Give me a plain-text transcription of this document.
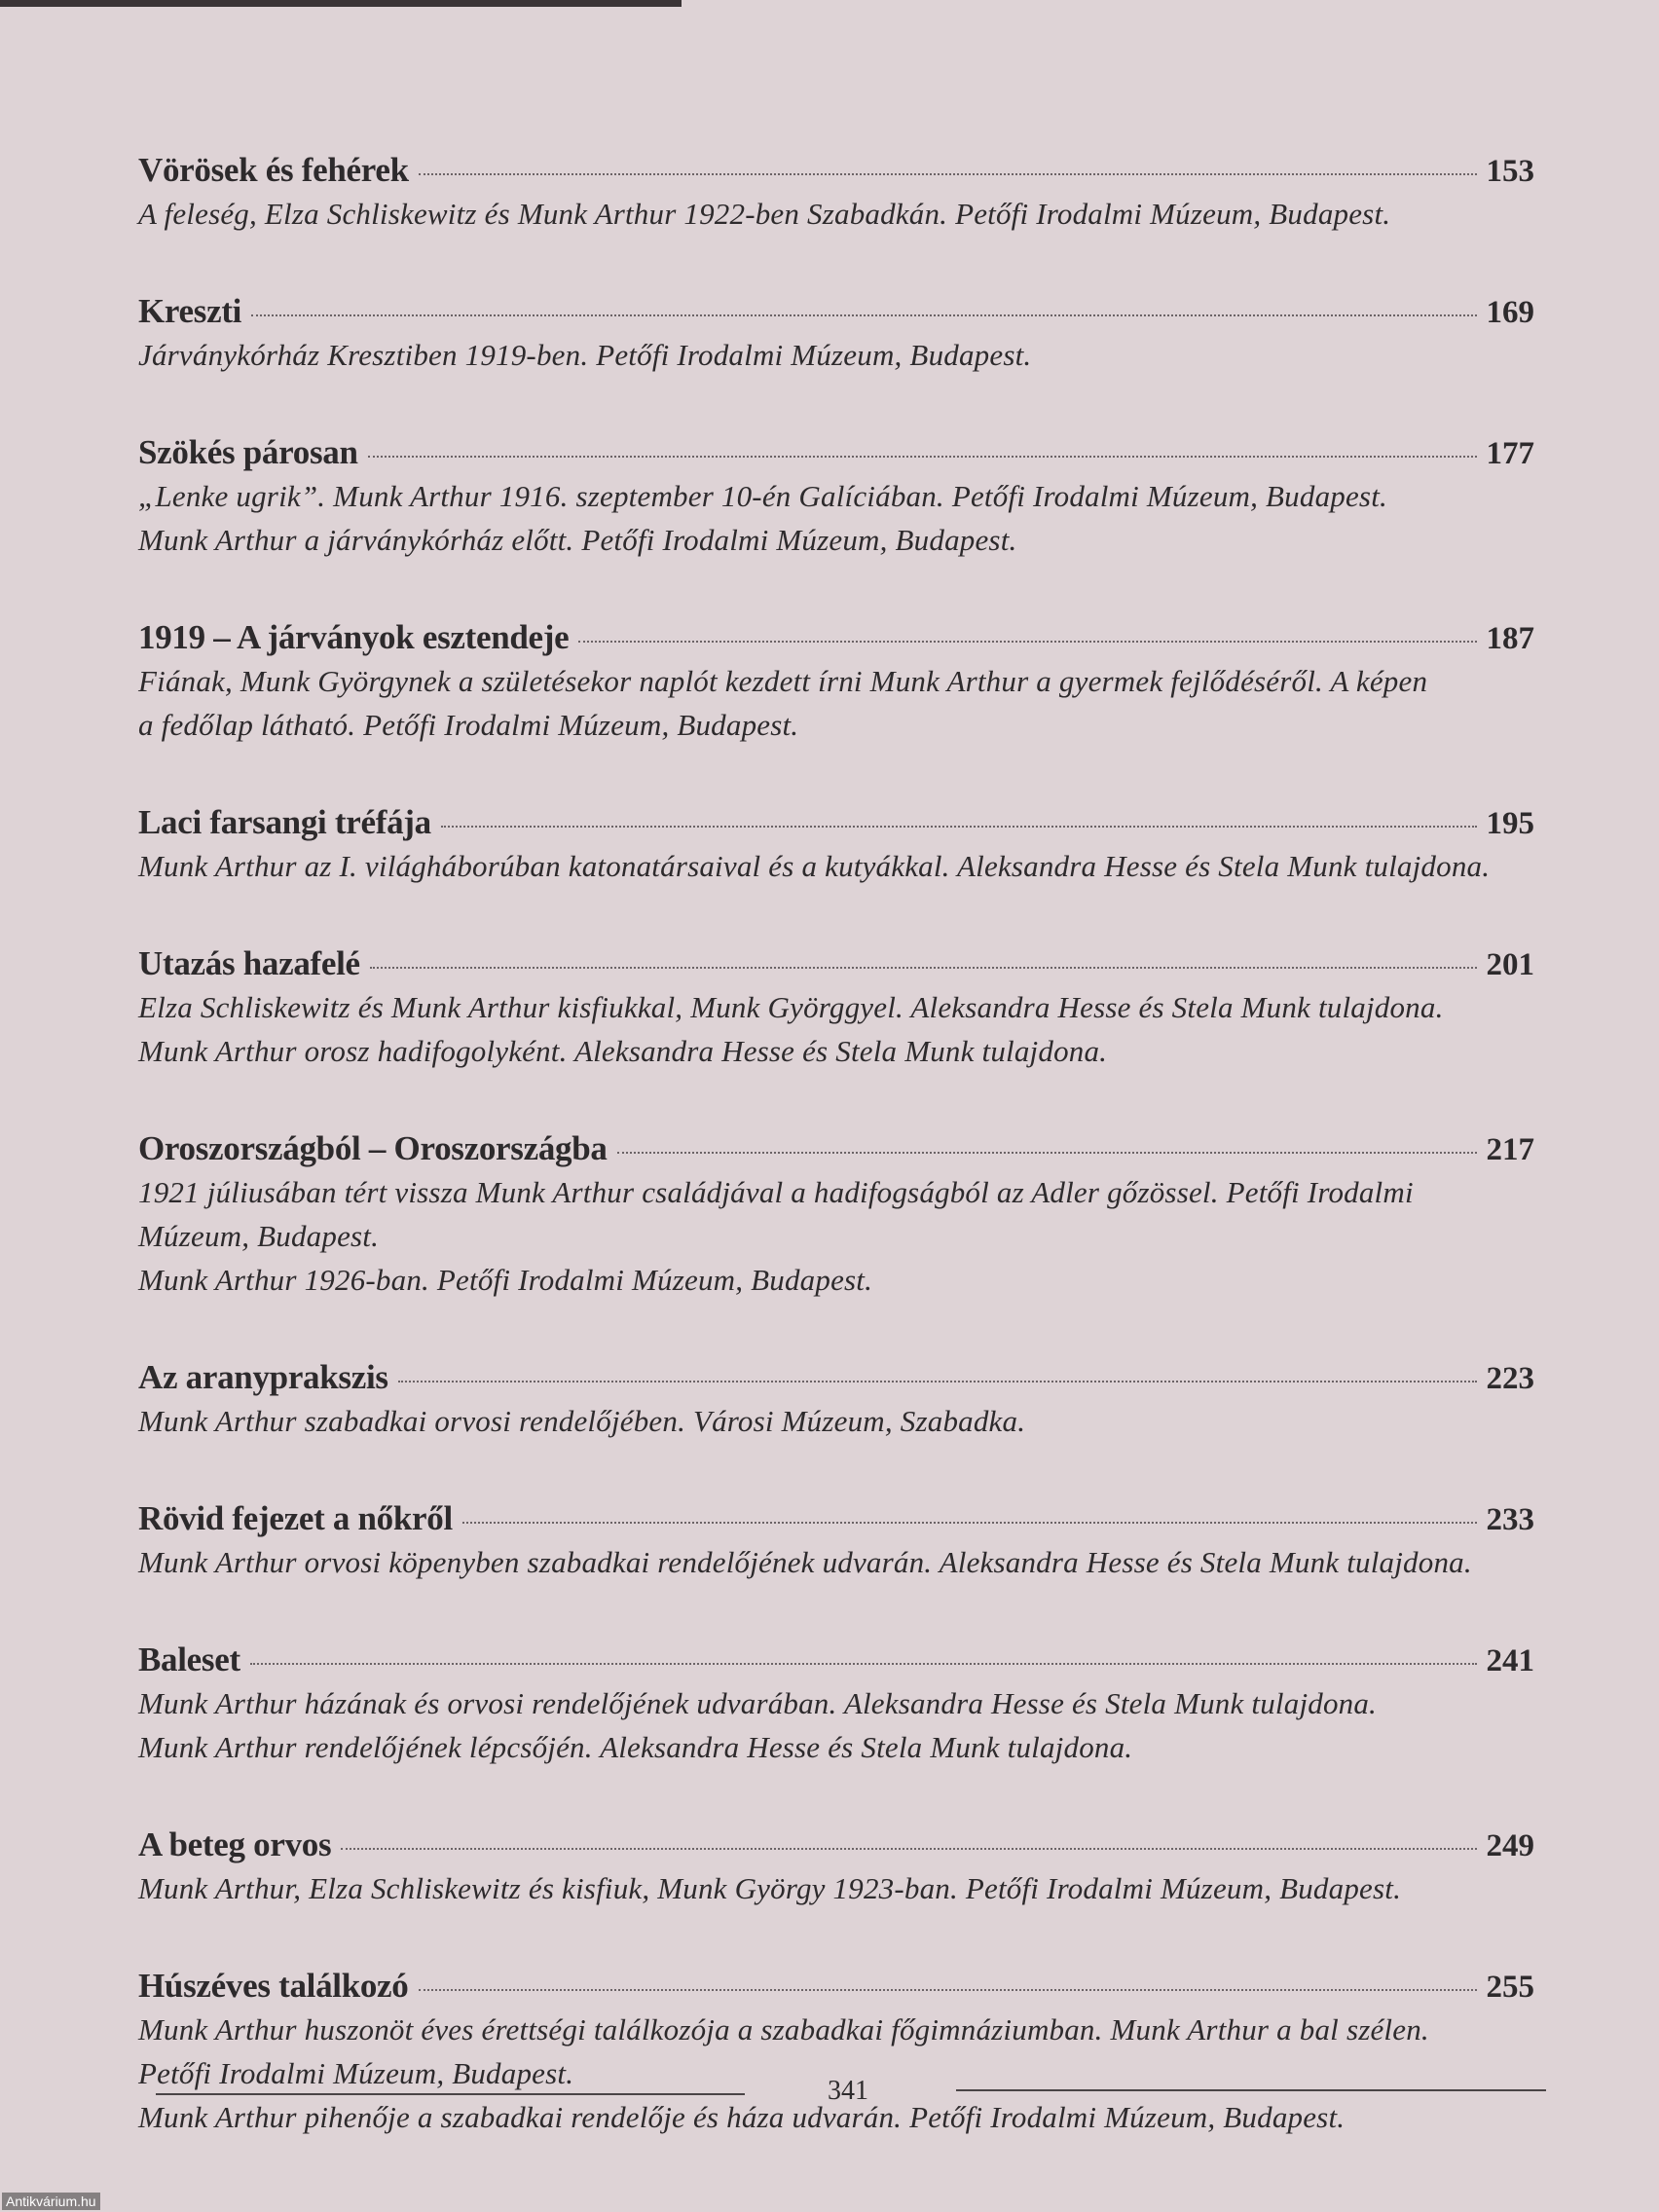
Vörösek és fehérek	153
A feleség, Elza Schliskewitz és Munk Arthur 1922-ben Szabadkán. Petőfi Irodalmi Múzeum, Budapest.
Kreszti	169
Járványkórház Kresztiben 1919-ben. Petőfi Irodalmi Múzeum, Budapest.
Szökés párosan	177
„Lenke ugrik”. Munk Arthur 1916. szeptember 10-én Galíciában. Petőfi Irodalmi Múzeum, Budapest.
Munk Arthur a járványkórház előtt. Petőfi Irodalmi Múzeum, Budapest.
1919 – A járványok esztendeje	187
Fiának, Munk Györgynek a születésekor naplót kezdett írni Munk Arthur a gyermek fejlődéséről. A képen
a fedőlap látható. Petőfi Irodalmi Múzeum, Budapest.
Laci farsangi tréfája	195
Munk Arthur az I. világháborúban katonatársaival és a kutyákkal. Aleksandra Hesse és Stela Munk tulajdona.
Utazás hazafelé	201
Elza Schliskewitz és Munk Arthur kisfiukkal, Munk Györggyel. Aleksandra Hesse és Stela Munk tulajdona.
Munk Arthur orosz hadifogolyként. Aleksandra Hesse és Stela Munk tulajdona.
Oroszországból – Oroszországba	217
1921 júliusában tért vissza Munk Arthur családjával a hadifogságból az Adler gőzössel. Petőfi Irodalmi
Múzeum, Budapest.
Munk Arthur 1926-ban. Petőfi Irodalmi Múzeum, Budapest.
Az aranyprakszis	223
Munk Arthur szabadkai orvosi rendelőjében. Városi Múzeum, Szabadka.
Rövid fejezet a nőkről	233
Munk Arthur orvosi köpenyben szabadkai rendelőjének udvarán. Aleksandra Hesse és Stela Munk tulajdona.
Baleset	241
Munk Arthur házának és orvosi rendelőjének udvarában. Aleksandra Hesse és Stela Munk tulajdona.
Munk Arthur rendelőjének lépcsőjén. Aleksandra Hesse és Stela Munk tulajdona.
A beteg orvos	249
Munk Arthur, Elza Schliskewitz és kisfiuk, Munk György 1923-ban. Petőfi Irodalmi Múzeum, Budapest.
Húszéves találkozó	255
Munk Arthur huszonöt éves érettségi találkozója a szabadkai főgimnáziumban. Munk Arthur a bal szélen.
Petőfi Irodalmi Múzeum, Budapest.
Munk Arthur pihenője a szabadkai rendelője és háza udvarán. Petőfi Irodalmi Múzeum, Budapest.
341
Antikvárium.hu
